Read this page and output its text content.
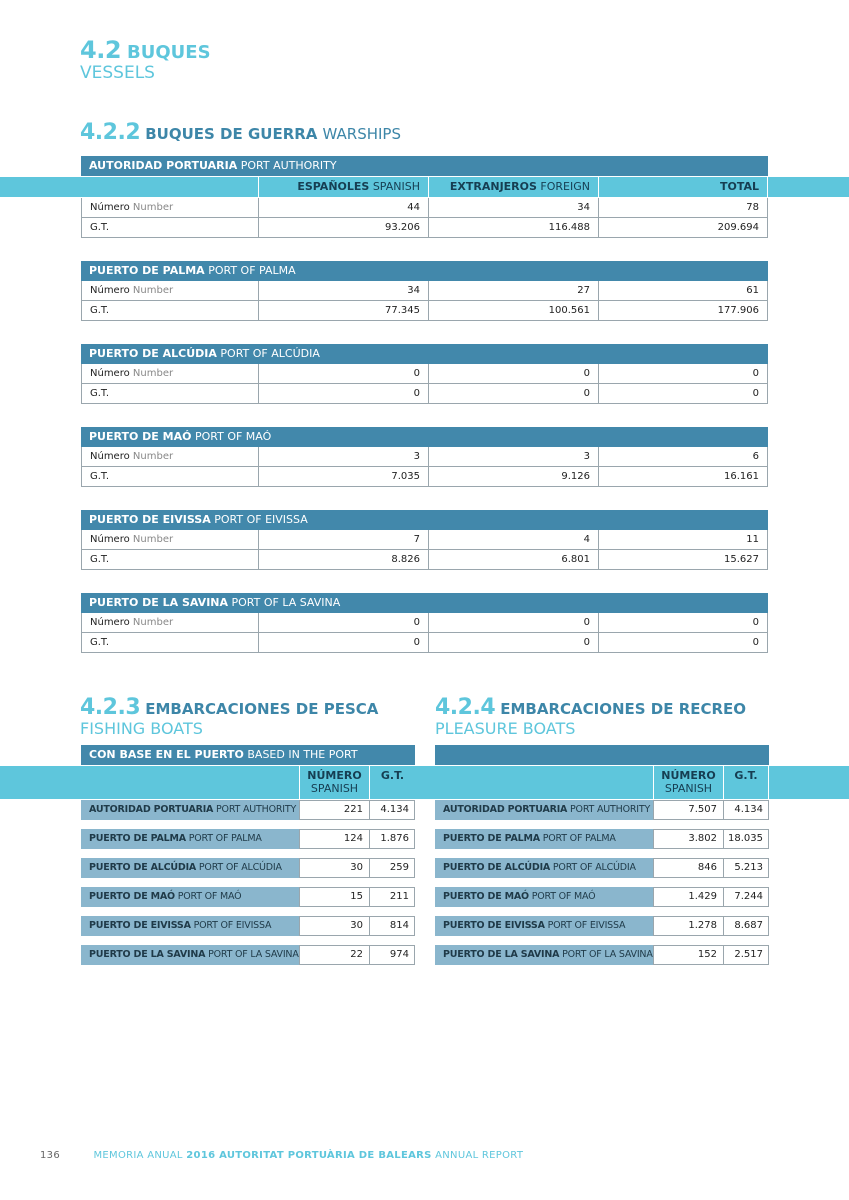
4.2 BUQUES
VESSELS
4.2.2 BUQUES DE GUERRA WARSHIPS
ESPAÑOLES SPANISH	EXTRANJEROS FOREIGN	TOTAL
AUTORIDAD PORTUARIA PORT AUTHORITY
Número Number	44	34	78
G.T.	93.206	116.488	209.694
PUERTO DE PALMA PORT OF PALMA
Número Number	34	27	61
G.T.	77.345	100.561	177.906
PUERTO DE ALCÚDIA PORT OF ALCÚDIA
Número Number	0	0	0
G.T.	0	0	0
PUERTO DE MAÓ PORT OF MAÓ
Número Number	3	3	6
G.T.	7.035	9.126	16.161
PUERTO DE EIVISSA PORT OF EIVISSA
Número Number	7	4	11
G.T.	8.826	6.801	15.627
PUERTO DE LA SAVINA PORT OF LA SAVINA
Número Number	0	0	0
G.T.	0	0	0
4.2.3 EMBARCACIONES DE PESCA
FISHING BOATS
4.2.4 EMBARCACIONES DE RECREO
PLEASURE BOATS
CON BASE EN EL PUERTO BASED IN THE PORT
NÚMERO
SPANISH
G.T.	NÚMERO
SPANISH
G.T.
AUTORIDAD PORTUARIA PORT AUTHORITY	221	4.134
PUERTO DE PALMA PORT OF PALMA	124	1.876
PUERTO DE ALCÚDIA PORT OF ALCÚDIA	30	259
PUERTO DE MAÓ PORT OF MAÓ	15	211
PUERTO DE EIVISSA PORT OF EIVISSA	30	814
PUERTO DE LA SAVINA PORT OF LA SAVINA	22	974
AUTORIDAD PORTUARIA PORT AUTHORITY	7.507	4.134
PUERTO DE PALMA PORT OF PALMA	3.802	18.035
PUERTO DE ALCÚDIA PORT OF ALCÚDIA	846	5.213
PUERTO DE MAÓ PORT OF MAÓ	1.429	7.244
PUERTO DE EIVISSA PORT OF EIVISSA	1.278	8.687
PUERTO DE LA SAVINA PORT OF LA SAVINA	152	2.517
136	MEMORIA ANUAL 2016 AUTORITAT PORTUÀRIA DE BALEARS ANNUAL REPORT
